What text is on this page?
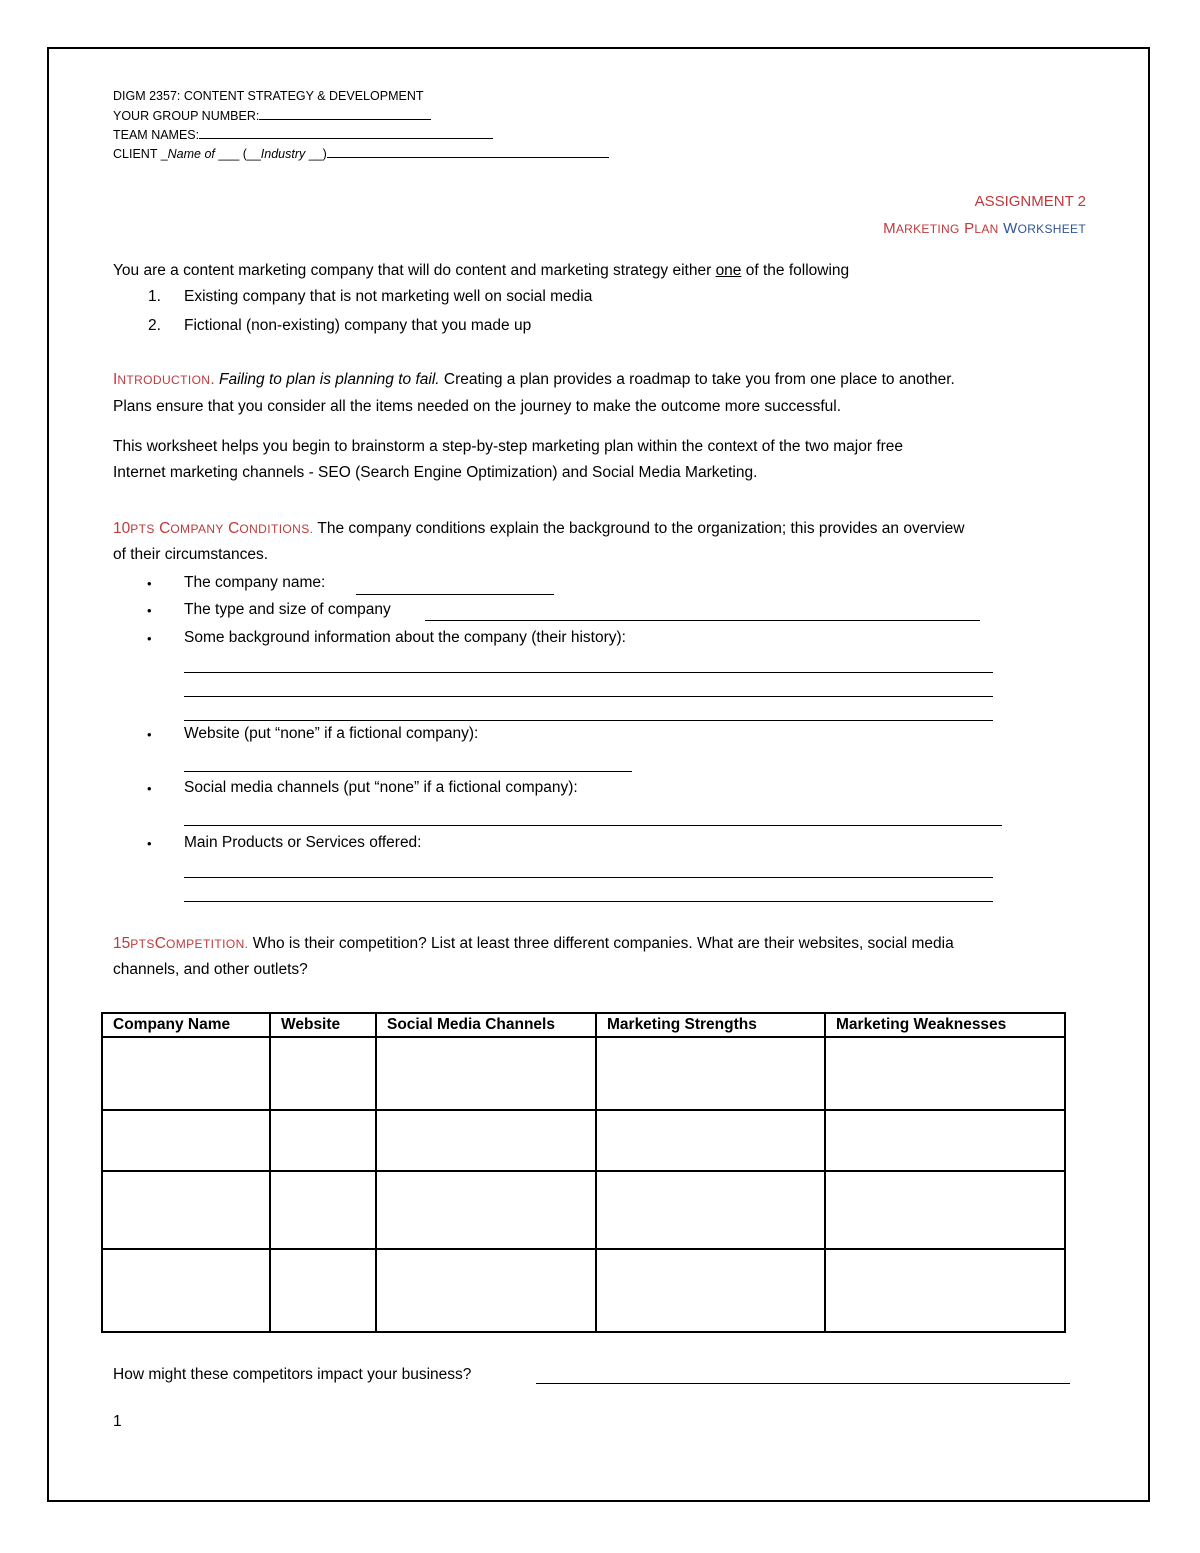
DIGM 2357: CONTENT STRATEGY & DEVELOPMENT
YOUR GROUP NUMBER:
TEAM NAMES:
CLIENT _Name of ___ (__Industry __)
ASSIGNMENT 2
MARKETING PLAN WORKSHEET
You are a content marketing company that will do content and marketing strategy either one of the following
1. Existing company that is not marketing well on social media
2. Fictional (non-existing) company that you made up
INTRODUCTION. Failing to plan is planning to fail. Creating a plan provides a roadmap to take you from one place to another.
Plans ensure that you consider all the items needed on the journey to make the outcome more successful.
This worksheet helps you begin to brainstorm a step-by-step marketing plan within the context of the two major free
Internet marketing channels - SEO (Search Engine Optimization) and Social Media Marketing.
10PTS COMPANY CONDITIONS. The company conditions explain the background to the organization; this provides an overview
of their circumstances.
• The company name:
• The type and size of company
• Some background information about the company (their history):
• Website (put “none” if a fictional company):
• Social media channels (put “none” if a fictional company):
• Main Products or Services offered:
15PTSCOMPETITION. Who is their competition? List at least three different companies. What are their websites, social media
channels, and other outlets?
Company Name	Website	Social Media Channels	Marketing Strengths	Marketing Weaknesses

How might these competitors impact your business?
1
